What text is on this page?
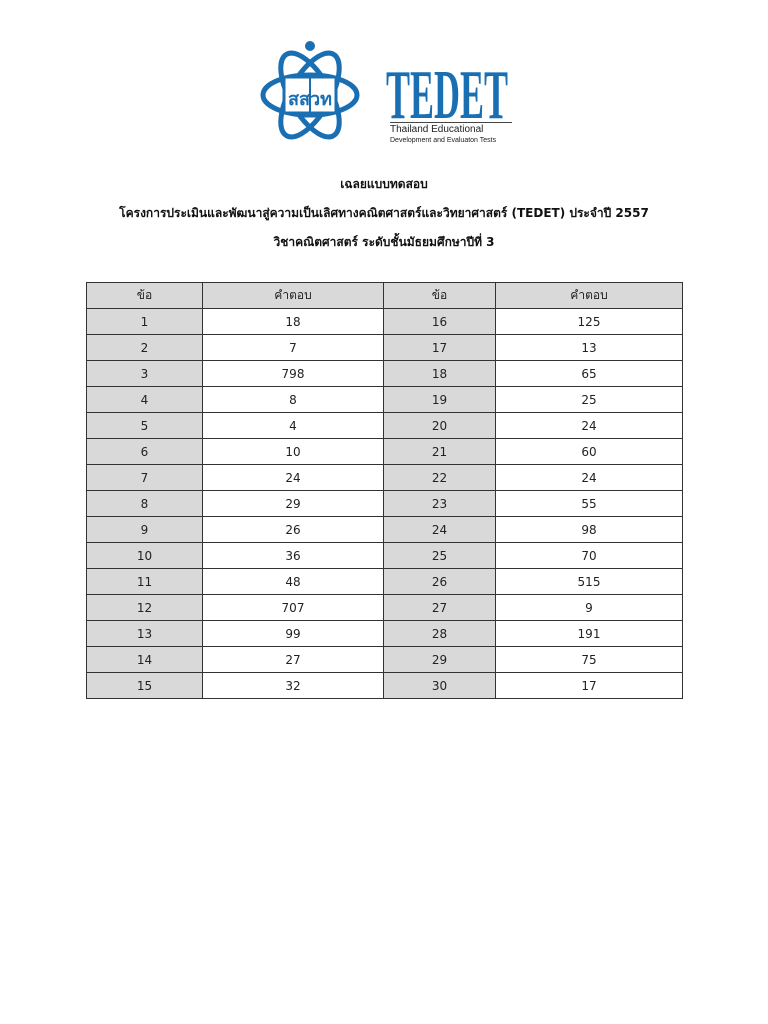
สสวท TEDET
Thailand Educational
Development and Evaluaton Tests
เฉลยแบบทดสอบ
โครงการประเมินและพัฒนาสู่ความเป็นเลิศทางคณิตศาสตร์และวิทยาศาสตร์ (TEDET) ประจำปี 2557
วิชาคณิตศาสตร์ ระดับชั้นมัธยมศึกษาปีที่ 3
ข้อ	คำตอบ	ข้อ	คำตอบ
1	18	16	125
2	7	17	13
3	798	18	65
4	8	19	25
5	4	20	24
6	10	21	60
7	24	22	24
8	29	23	55
9	26	24	98
10	36	25	70
11	48	26	515
12	707	27	9
13	99	28	191
14	27	29	75
15	32	30	17
